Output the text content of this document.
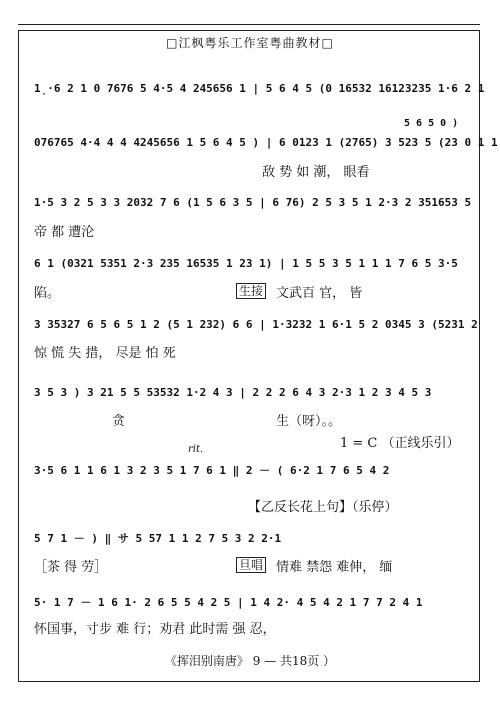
□江枫粤乐工作室粤曲教材□
1̣·6 2 1 0 7676 5 4·5 4 245656 1 | 5 6 4 5 (0 16532 16123235 1·6 2 1
5 6 5 0 )
076765 4·4 4 4 4245656 1 5 6 4 5 ) | 6 0123 1 (2765) 3 523 5 (23 0 1 1
敌 势 如 潮， 眼看
1·5 3 2 5 3 3 2032 7 6 (1 5 6 3 5 | 6 76) 2 5 3 5 1 2·3 2 351653 5
帝 都 遭沦
6 1 (0321 5351 2·3 235 16535 1 23 1) | 1 5 5 3 5 1 1 1 7 6 5 3·5
陷。	生接 文武百 官， 皆
3 35327 6 5 6 5 1 2 (5 1 232) 6 6 | 1·3232 1 6·1 5 2 0345 3 (5231 2
惊 慌 失 措， 尽是 怕 死
3 5 3 ) 3 21 5 5 53532 1·2 4 3 | 2 2 2 6 4 3 2·3 1 2 3 4 5 3
贪	生（呀）。。
1 = C （正线乐引）
rit.
3·5 6 1 1 6 1 3 2 3 5 1 7 6 1 ‖ 2 － ( 6·2 1 7 6 5 4 2
【乙反长花上句】（乐停）
5 7 1 － ) ‖ サ 5 57 1 1 2 7 5 3 2 2·1
［茶 得 劳］	旦唱 情难 禁怨 难伸， 缅
5· 1 7 － 1 6 1· 2 6 5 5 4 2 5 | 1 4 2· 4 5 4 2 1 7 7 2 4 1
怀国事，寸步 难 行；劝君 此时需 强 忍，
《挥泪别南唐》 9 — 共18页 ）
